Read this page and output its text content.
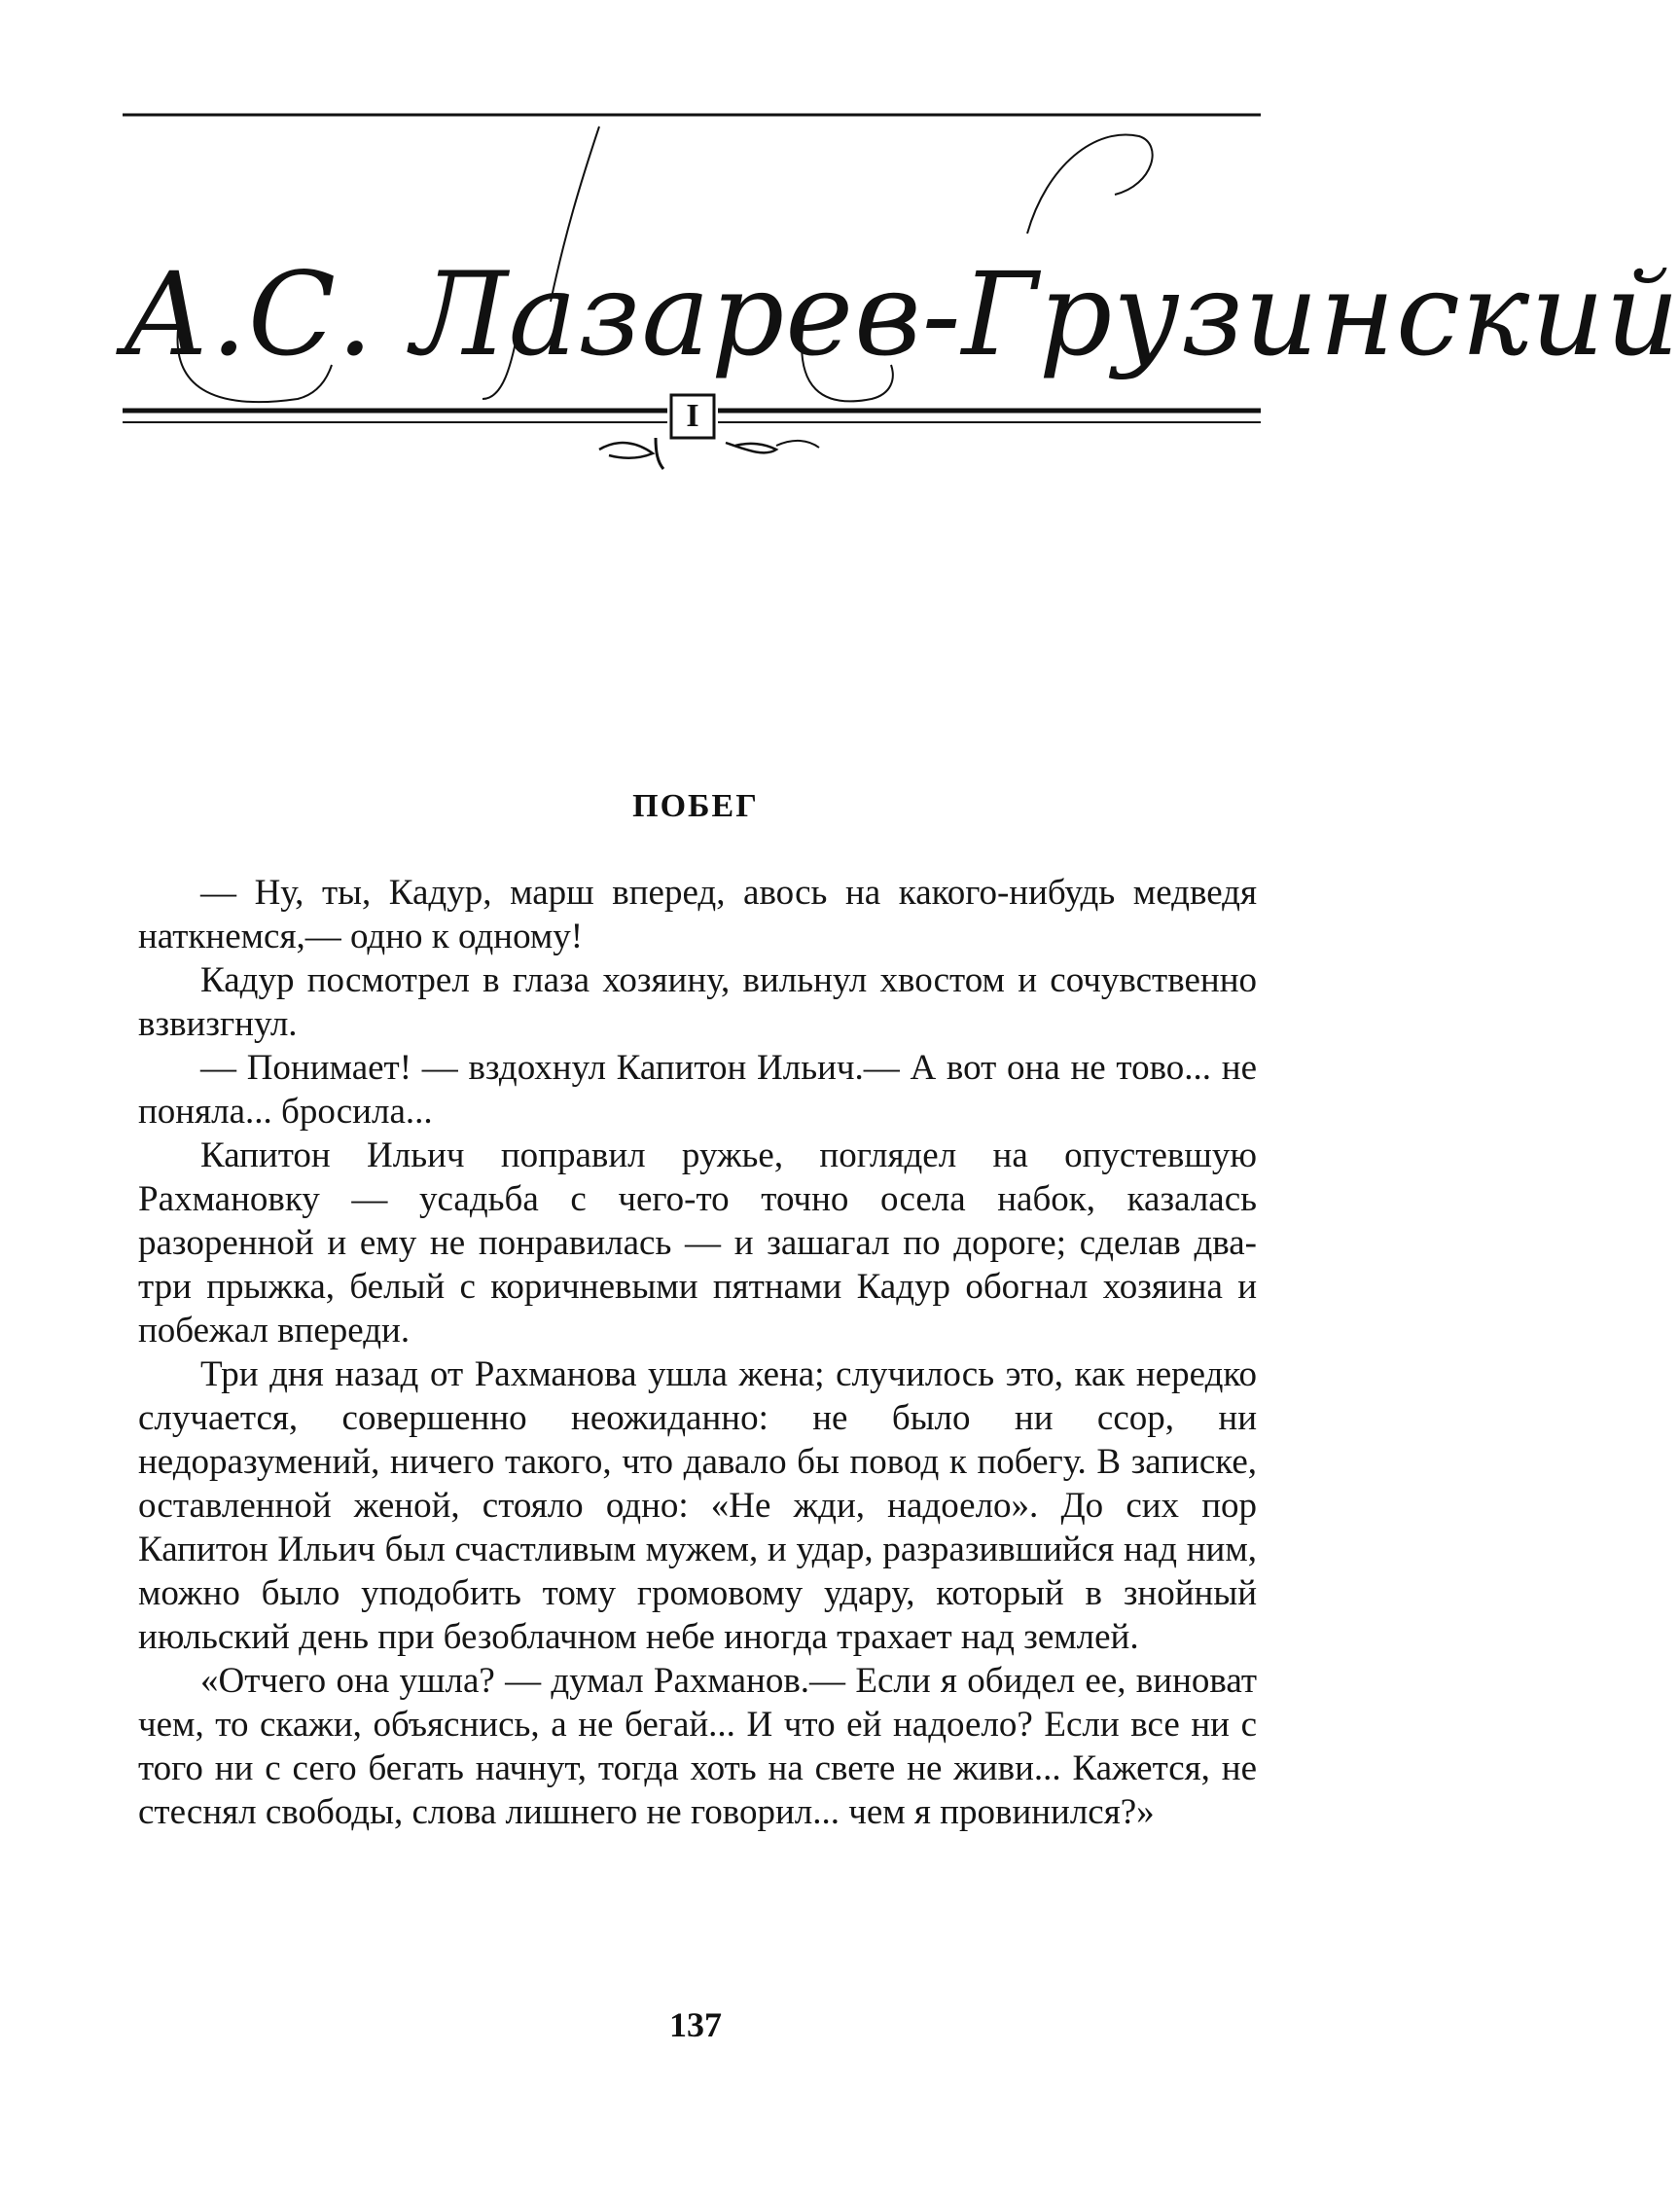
А.С. Лазарев-Грузинский
I
ПОБЕГ

— Ну, ты, Кадур, марш вперед, авось на какого-нибудь медведя наткнемся,— одно к одному!

Кадур посмотрел в глаза хозяину, вильнул хвостом и сочувственно взвизгнул.

— Понимает! — вздохнул Капитон Ильич.— А вот она не тово... не поняла... бросила...

Капитон Ильич поправил ружье, поглядел на опустевшую Рахмановку — усадьба с чего-то точно осела набок, казалась разоренной и ему не понравилась — и зашагал по дороге; сделав два-три прыжка, белый с коричневыми пятнами Кадур обогнал хозяина и побежал впереди.

Три дня назад от Рахманова ушла жена; случилось это, как нередко случается, совершенно неожиданно: не было ни ссор, ни недоразумений, ничего такого, что давало бы повод к побегу. В записке, оставленной женой, стояло одно: «Не жди, надоело». До сих пор Капитон Ильич был счастливым мужем, и удар, разразившийся над ним, можно было уподобить тому громовому удару, который в знойный июльский день при безоблачном небе иногда трахает над землей.

«Отчего она ушла? — думал Рахманов.— Если я обидел ее, виноват чем, то скажи, объяснись, а не бегай... И что ей надоело? Если все ни с того ни с сего бегать начнут, тогда хоть на свете не живи... Кажется, не стеснял свободы, слова лишнего не говорил... чем я провинился?»

137
